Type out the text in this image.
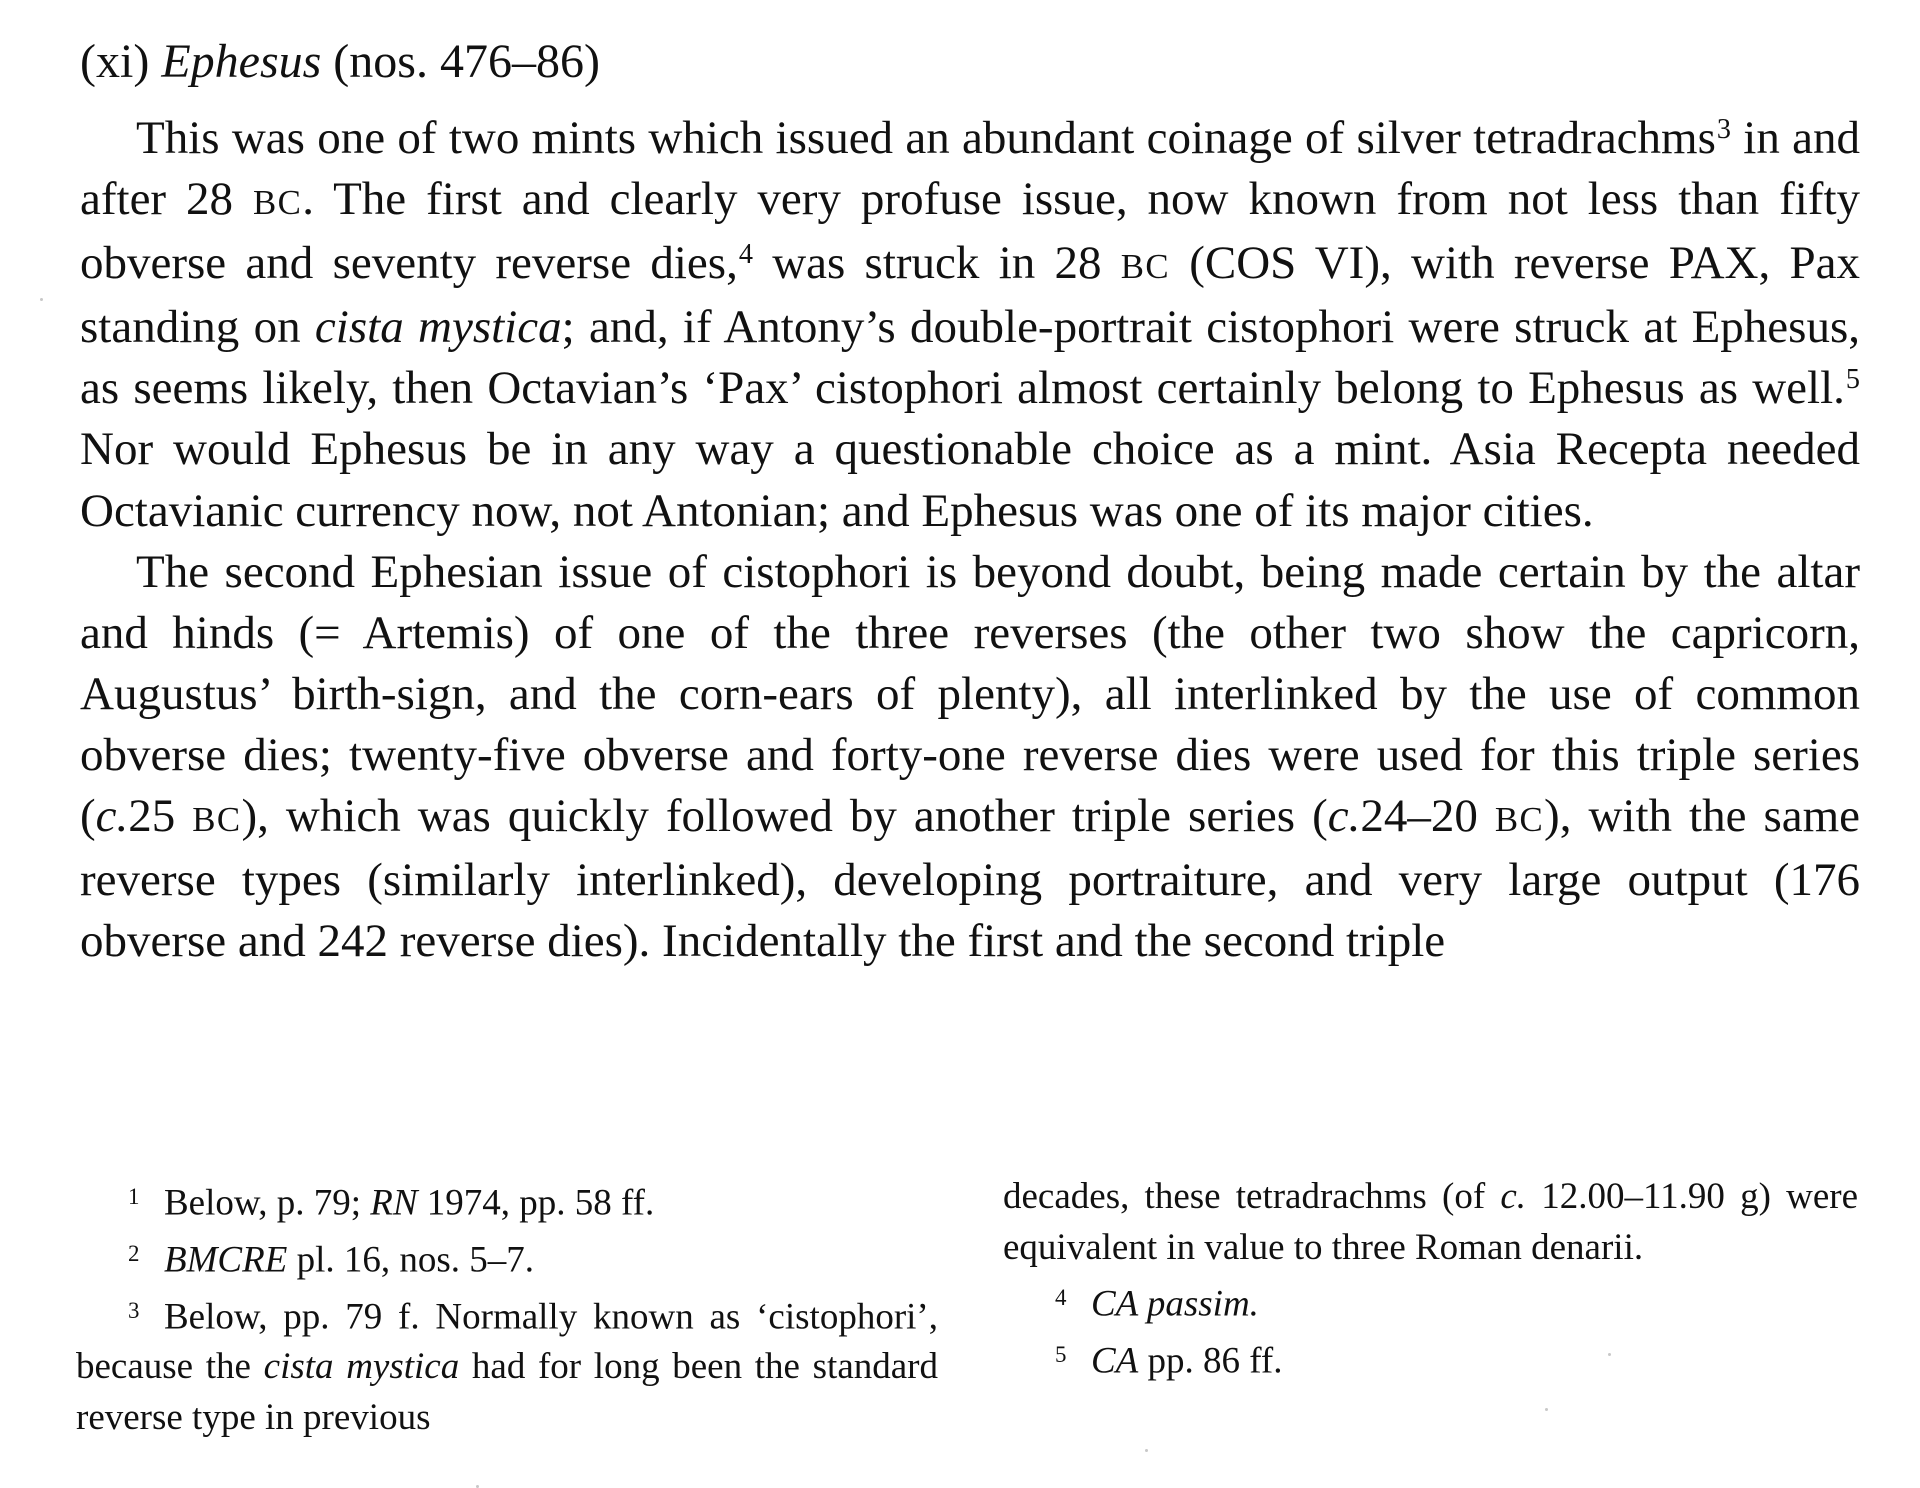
(xi) Ephesus (nos. 476–86)

This was one of two mints which issued an abundant coinage of silver tetradrachms$^3$ in and after 28 BC. The first and clearly very profuse issue, now known from not less than fifty obverse and seventy reverse dies,$^4$ was struck in 28 BC (COS VI), with reverse PAX, Pax standing on cista mystica; and, if Antony’s double-portrait cistophori were struck at Ephesus, as seems likely, then Octavian’s ‘Pax’ cistophori almost certainly belong to Ephesus as well.$^5$ Nor would Ephesus be in any way a questionable choice as a mint. Asia Recepta needed Octavianic currency now, not Antonian; and Ephesus was one of its major cities.

The second Ephesian issue of cistophori is beyond doubt, being made certain by the altar and hinds (= Artemis) of one of the three reverses (the other two show the capricorn, Augustus’ birth-sign, and the corn-ears of plenty), all interlinked by the use of common obverse dies; twenty-five obverse and forty-one reverse dies were used for this triple series (c.25 BC), which was quickly followed by another triple series (c.24–20 BC), with the same reverse types (similarly interlinked), developing portraiture, and very large output (176 obverse and 242 reverse dies). Incidentally the first and the second triple

1 Below, p. 79; RN 1974, pp. 58 ff.
2 BMCRE pl. 16, nos. 5–7.
3 Below, pp. 79 f. Normally known as ‘cistophori’, because the cista mystica had for long been the standard reverse type in previous
decades, these tetradrachms (of c. 12.00–11.90 g) were equivalent in value to three Roman denarii.
4 CA passim.
5 CA pp. 86 ff.
